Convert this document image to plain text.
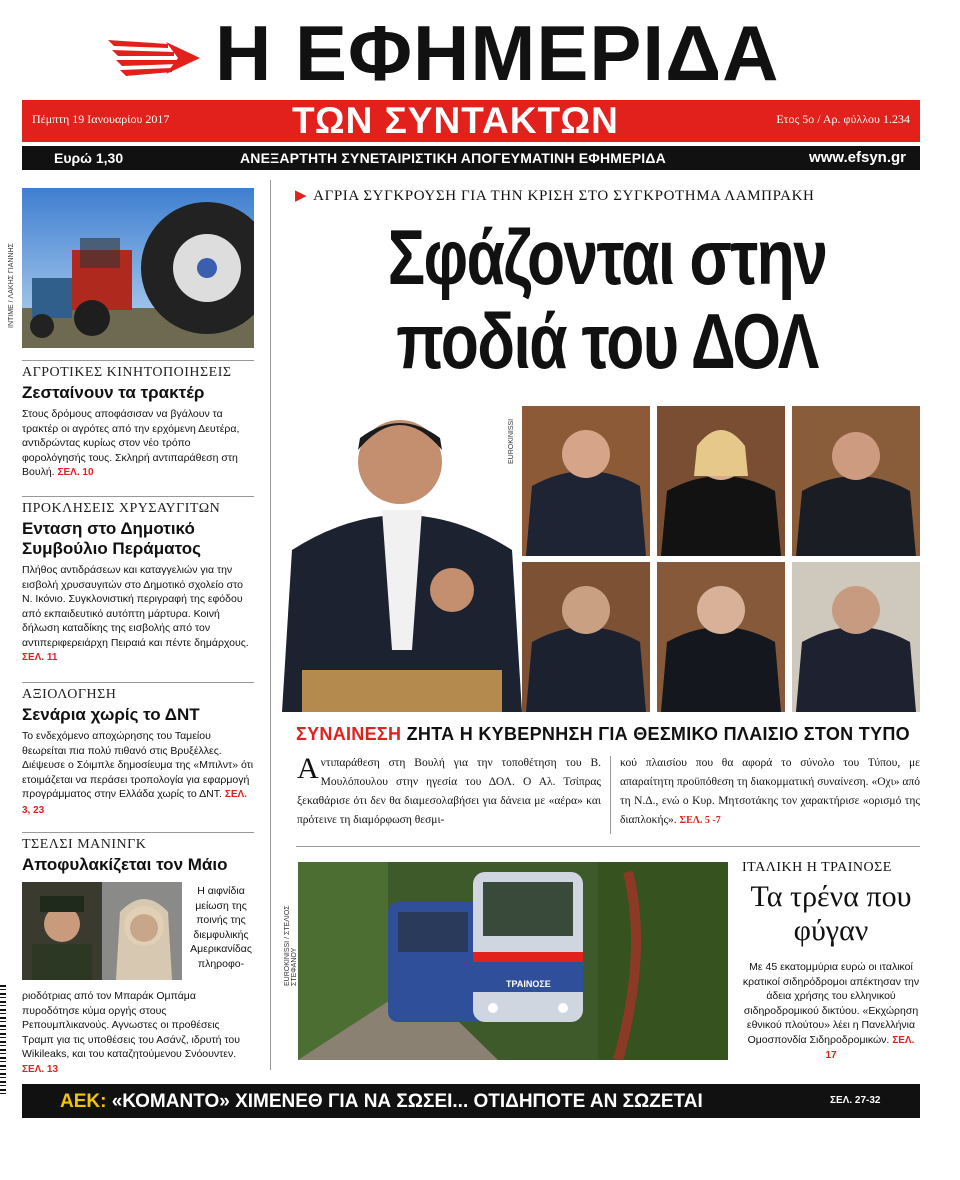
Η ΕΦΗΜΕΡΙΔΑ
Πέμπτη 19 Ιανουαρίου 2017	ΤΩΝ ΣΥΝΤΑΚΤΩΝ	Ετος 5ο / Αρ. φύλλου 1.234
Ευρώ 1,30	ΑΝΕΞΑΡΤΗΤΗ ΣΥΝΕΤΑΙΡΙΣΤΙΚΗ ΑΠΟΓΕΥΜΑΤΙΝΗ ΕΦΗΜΕΡΙΔΑ	www.efsyn.gr
INTIME / ΛΑΚΗΣ ΓΙΑΝΝΗΣ
ΑΓΡΟΤΙΚΕΣ ΚΙΝΗΤΟΠΟΙΗΣΕΙΣ
Ζεσταίνουν τα τρακτέρ
Στους δρόμους αποφάσισαν να βγάλουν τα τρακτέρ οι αγρότες από την ερχόμενη Δευτέρα, αντιδρώντας κυρίως στον νέο τρόπο φορολόγησής τους. Σκληρή αντιπαράθεση στη Βουλή. ΣΕΛ. 10
ΠΡΟΚΛΗΣΕΙΣ ΧΡΥΣΑΥΓΙΤΩΝ
Ενταση στο Δημοτικό Συμβούλιο Περάματος
Πλήθος αντιδράσεων και καταγγελιών για την εισβολή χρυσαυγιτών στο Δημοτικό σχολείο στο Ν. Ικόνιο. Συγκλονιστική περιγραφή της εφόδου από εκπαιδευτικό αυτόπτη μάρτυρα. Κοινή δήλωση καταδίκης της εισβολής από τον αντιπεριφερειάρχη Πειραιά και πέντε δημάρχους. ΣΕΛ. 11
ΑΞΙΟΛΟΓΗΣΗ
Σενάρια χωρίς το ΔΝΤ
Το ενδεχόμενο αποχώρησης του Ταμείου θεωρείται πια πολύ πιθανό στις Βρυξέλλες. Διέψευσε ο Σόιμπλε δημοσίευμα της «Μπιλντ» ότι ετοιμάζεται να περάσει τροπολογία για εφαρμογή προγράμματος στην Ελλάδα χωρίς το ΔΝΤ. ΣΕΛ. 3, 23
ΤΣΕΛΣΙ ΜΑΝΙΝΓΚ
Αποφυλακίζεται τον Μάιο
Η αιφνίδια μείωση της ποινής της διεμφυλικής Αμερικανίδας πληροφο-
ριοδότριας από τον Μπαράκ Ομπάμα πυροδότησε κύμα οργής στους Ρεπουμπλικανούς. Αγνωστες οι προθέσεις Τραμπ για τις υποθέσεις του Ασάνζ, ιδρυτή του Wikileaks, και του καταζητούμενου Σνόουντεν. ΣΕΛ. 13
▶ ΑΓΡΙΑ ΣΥΓΚΡΟΥΣΗ ΓΙΑ ΤΗΝ ΚΡΙΣΗ ΣΤΟ ΣΥΓΚΡΟΤΗΜΑ ΛΑΜΠΡΑΚΗ
Σφάζονται στην
ποδιά του ΔΟΛ
EUROKINISSI
ΣΥΝΑΙΝΕΣΗ ΖΗΤΑ Η ΚΥΒΕΡΝΗΣΗ ΓΙΑ ΘΕΣΜΙΚΟ ΠΛΑΙΣΙΟ ΣΤΟΝ ΤΥΠΟ
Αντιπαράθεση στη Βουλή για την τοποθέτηση του Β. Μουλόπουλου στην ηγεσία του ΔΟΛ. Ο Αλ. Τσίπρας ξεκαθάρισε ότι δεν θα διαμεσολαβήσει για δάνεια με «αέρα» και πρότεινε τη διαμόρφωση θεσμι-
κού πλαισίου που θα αφορά το σύνολο του Τύπου, με απαραίτητη προϋπόθεση τη διακομματική συναίνεση. «Οχι» από τη Ν.Δ., ενώ ο Κυρ. Μητσοτάκης τον χαρακτήρισε «ορισμό της διαπλοκής». ΣΕΛ. 5 -7
EUROKINISSI / ΣΤΕΛΙΟΣ ΣΤΕΦΑΝΟΥ	ΤΡΑΙΝΟΣΕ
ΙΤΑΛΙΚΗ Η ΤΡΑΙΝΟΣΕ
Τα τρένα που φύγαν
Με 45 εκατομμύρια ευρώ οι ιταλικοί κρατικοί σιδηρόδρομοι απέκτησαν την άδεια χρήσης του ελληνικού σιδηροδρομικού δικτύου. «Εκχώρηση εθνικού πλούτου» λέει η Πανελλήνια Ομοσπονδία Σιδηροδρομικών. ΣΕΛ. 17
ΑΕΚ: «ΚΟΜΑΝΤΟ» ΧΙΜΕΝΕΘ ΓΙΑ ΝΑ ΣΩΣΕΙ... ΟΤΙΔΗΠΟΤΕ ΑΝ ΣΩΖΕΤΑΙ	ΣΕΛ. 27-32
